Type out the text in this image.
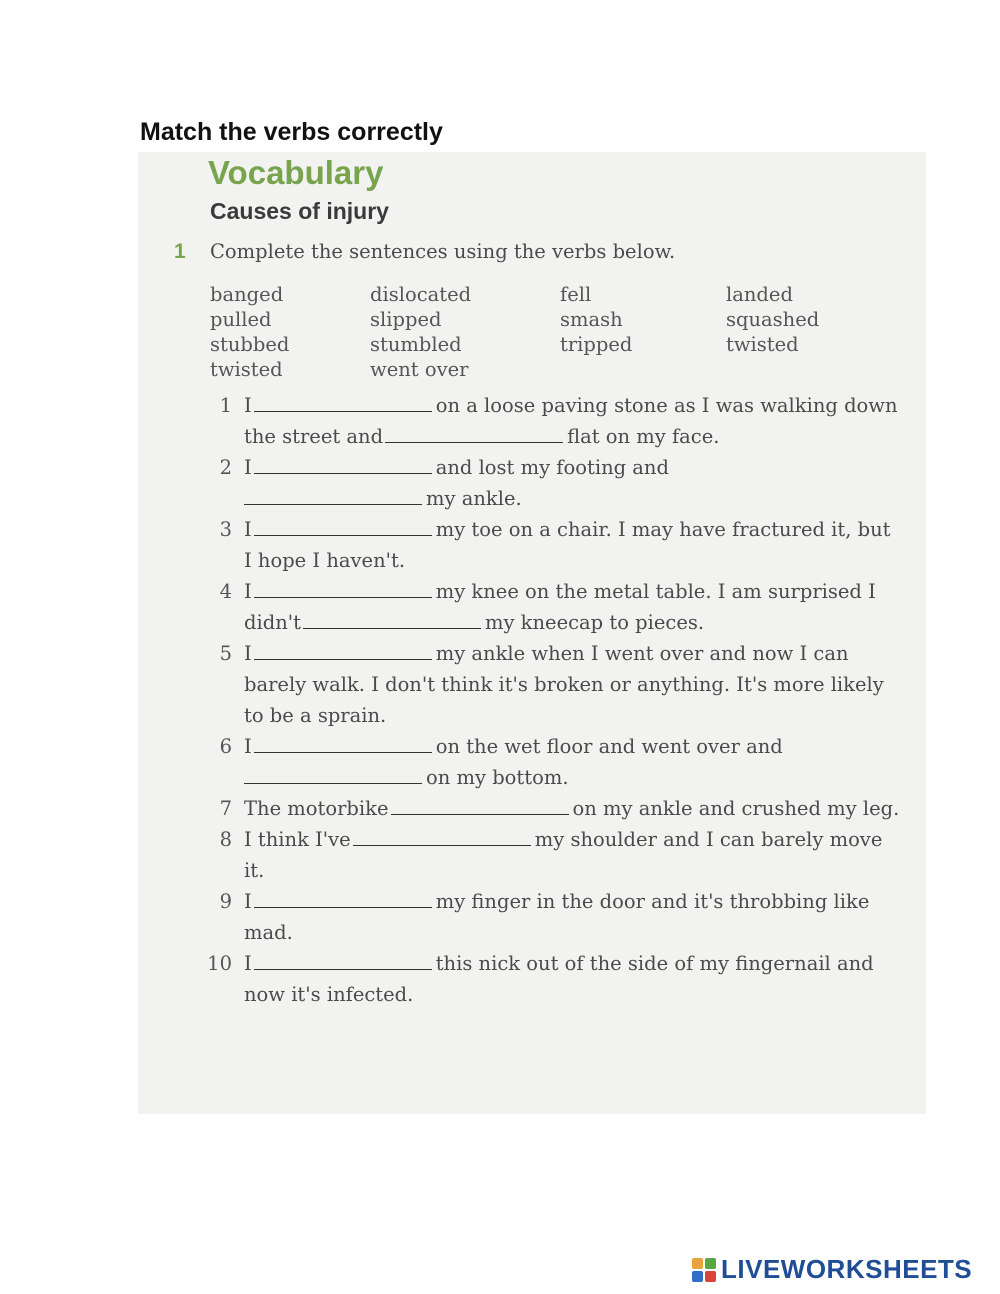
Match the verbs correctly
Vocabulary
Causes of injury
1 Complete the sentences using the verbs below.
banged	dislocated	fell	landed
pulled	slipped	smash	squashed
stubbed	stumbled	tripped	twisted
twisted	went over
1 I	on a loose paving stone as I was walking down the street and	flat on my face.
2 I	and lost my footing and
my ankle.
3 I	my toe on a chair. I may have fractured it, but I hope I haven't.
4 I	my knee on the metal table. I am surprised I didn't	my kneecap to pieces.
5 I	my ankle when I went over and now I can barely walk. I don't think it's broken or anything. It's more likely to be a sprain.
6 I	on the wet floor and went over and
on my bottom.
7 The motorbike	on my ankle and crushed my leg.
8 I think I've	my shoulder and I can barely move it.
9 I	my finger in the door and it's throbbing like mad.
10 I	this nick out of the side of my fingernail and now it's infected.
LIVEWORKSHEETS
